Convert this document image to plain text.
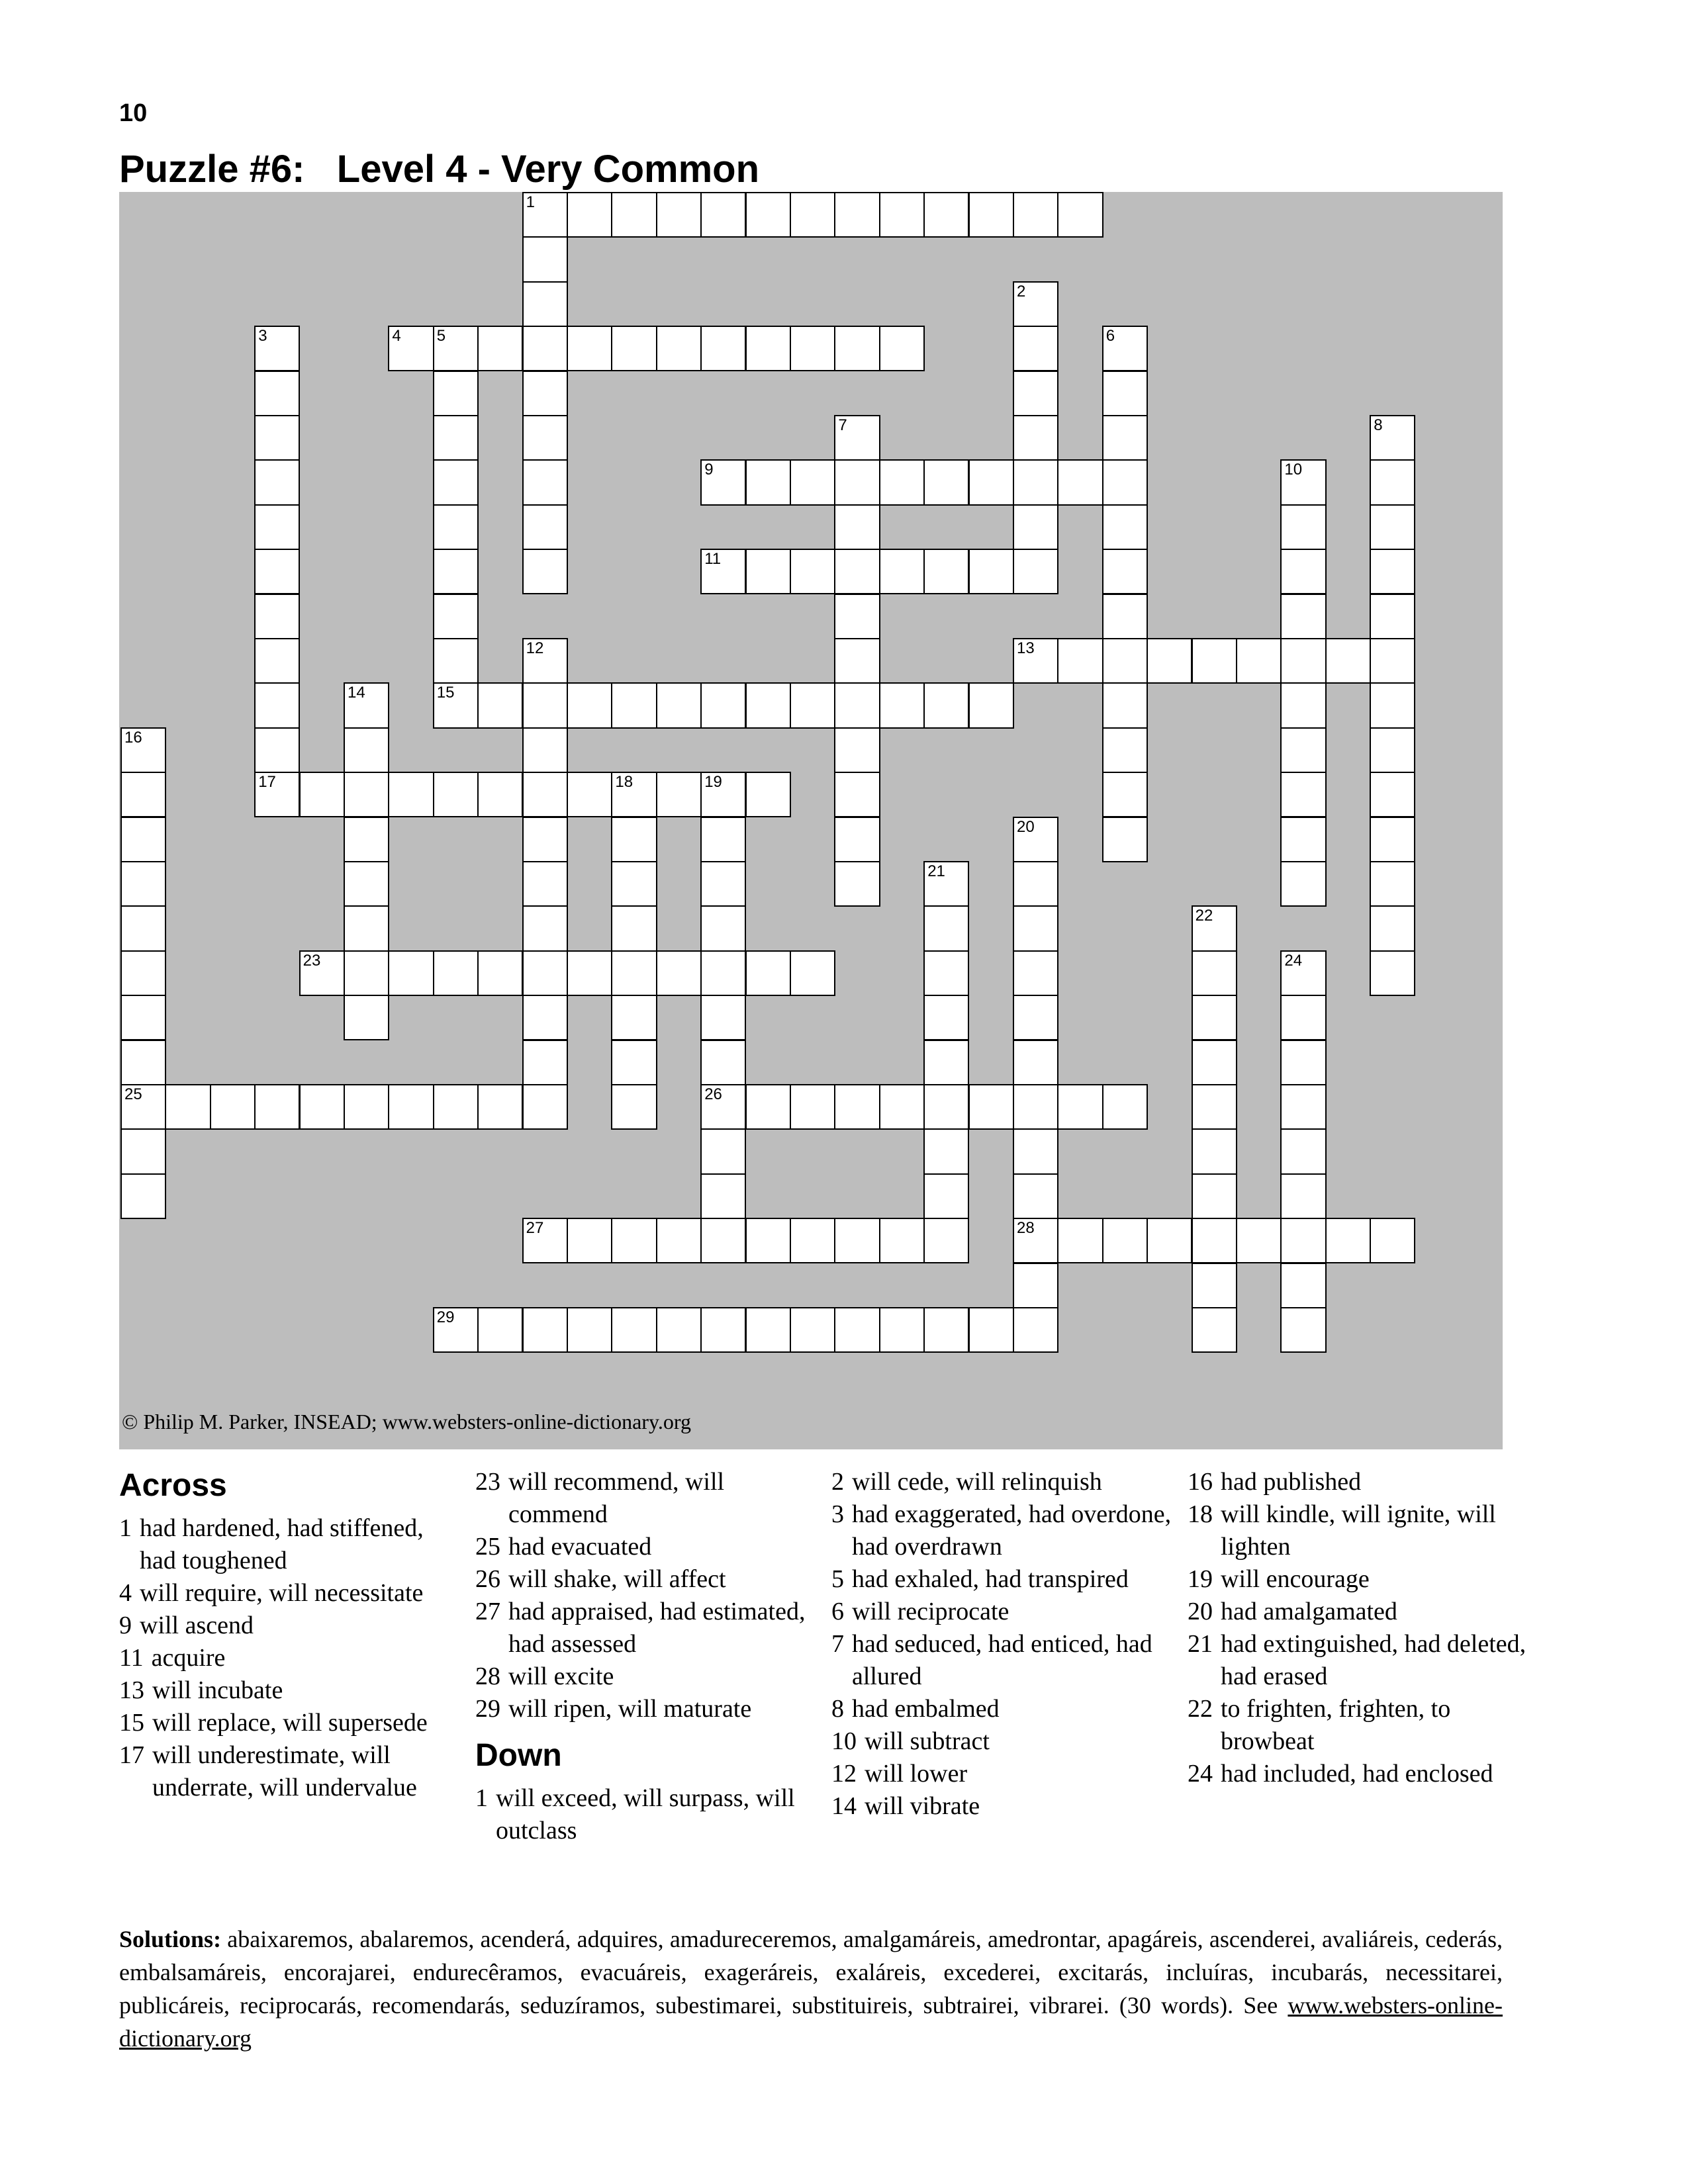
10
Puzzle #6:   Level 4 - Very Common
1
2
3
17
4 5
15
6
7	8
9	10
11
12	13
14
16
25
18	19
26
20
28
21
22
23	24
27
29
© Philip M. Parker, INSEAD; www.websters-online-dictionary.org
Across
1 had hardened, had stiffened, had toughened
4 will require, will necessitate
9 will ascend
11 acquire
13 will incubate
15 will replace, will supersede
17 will underestimate, will underrate, will undervalue
23 will recommend, will commend
25 had evacuated
26 will shake, will affect
27 had appraised, had estimated, had assessed
28 will excite
29 will ripen, will maturate
Down
1 will exceed, will surpass, will outclass
2 will cede, will relinquish
3 had exaggerated, had overdone, had overdrawn
5 had exhaled, had transpired
6 will reciprocate
7 had seduced, had enticed, had allured
8 had embalmed
10 will subtract
12 will lower
14 will vibrate
16 had published
18 will kindle, will ignite, will lighten
19 will encourage
20 had amalgamated
21 had extinguished, had deleted, had erased
22 to frighten, frighten, to browbeat
24 had included, had enclosed
Solutions: abaixaremos, abalaremos, acenderá, adquires, amadureceremos, amalgamáreis, amedrontar, apagáreis, ascenderei, avaliáreis, cederás, embalsamáreis, encorajarei, endurecêramos, evacuáreis, exageráreis, exaláreis, excederei, excitarás, incluíras, incubarás, necessitarei, publicáreis, reciprocarás, recomendarás, seduzíramos, subestimarei, substituireis, subtrairei, vibrarei. (30 words). See www.websters-online-dictionary.org
